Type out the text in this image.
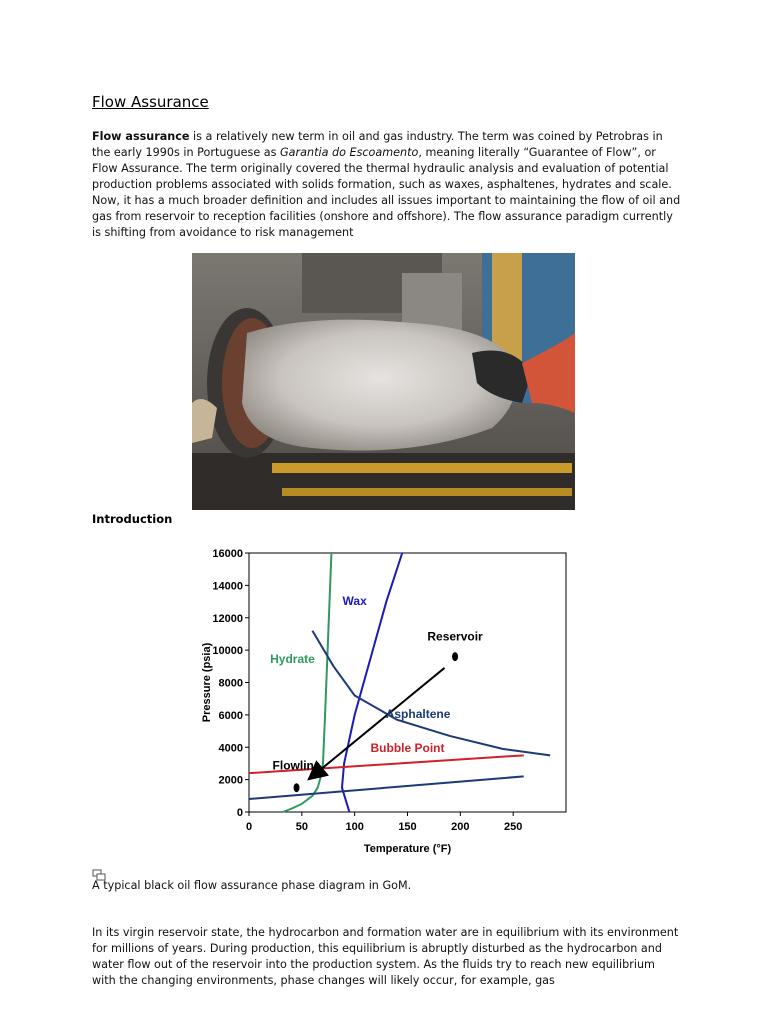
Flow Assurance
Flow assurance is a relatively new term in oil and gas industry. The term was coined by Petrobras in the early 1990s in Portuguese as Garantia do Escoamento, meaning literally “Guarantee of Flow”, or Flow Assurance. The term originally covered the thermal hydraulic analysis and evaluation of potential production problems associated with solids formation, such as waxes, asphaltenes, hydrates and scale. Now, it has a much broader definition and includes all issues important to maintaining the flow of oil and gas from reservoir to reception facilities (onshore and offshore). The flow assurance paradigm currently is shifting from avoidance to risk management
Introduction
0
2000
4000
6000
8000
10000
12000
14000
16000
0	50	100	150	200	250
Temperature (°F)
Pressure (psia)
Reservoir
Flowline
Wax
Hydrate
Asphaltene
Bubble Point
A typical black oil flow assurance phase diagram in GoM.
In its virgin reservoir state, the hydrocarbon and formation water are in equilibrium with its environment for millions of years. During production, this equilibrium is abruptly disturbed as the hydrocarbon and water flow out of the reservoir into the production system. As the fluids try to reach new equilibrium with the changing environments, phase changes will likely occur, for example, gas
